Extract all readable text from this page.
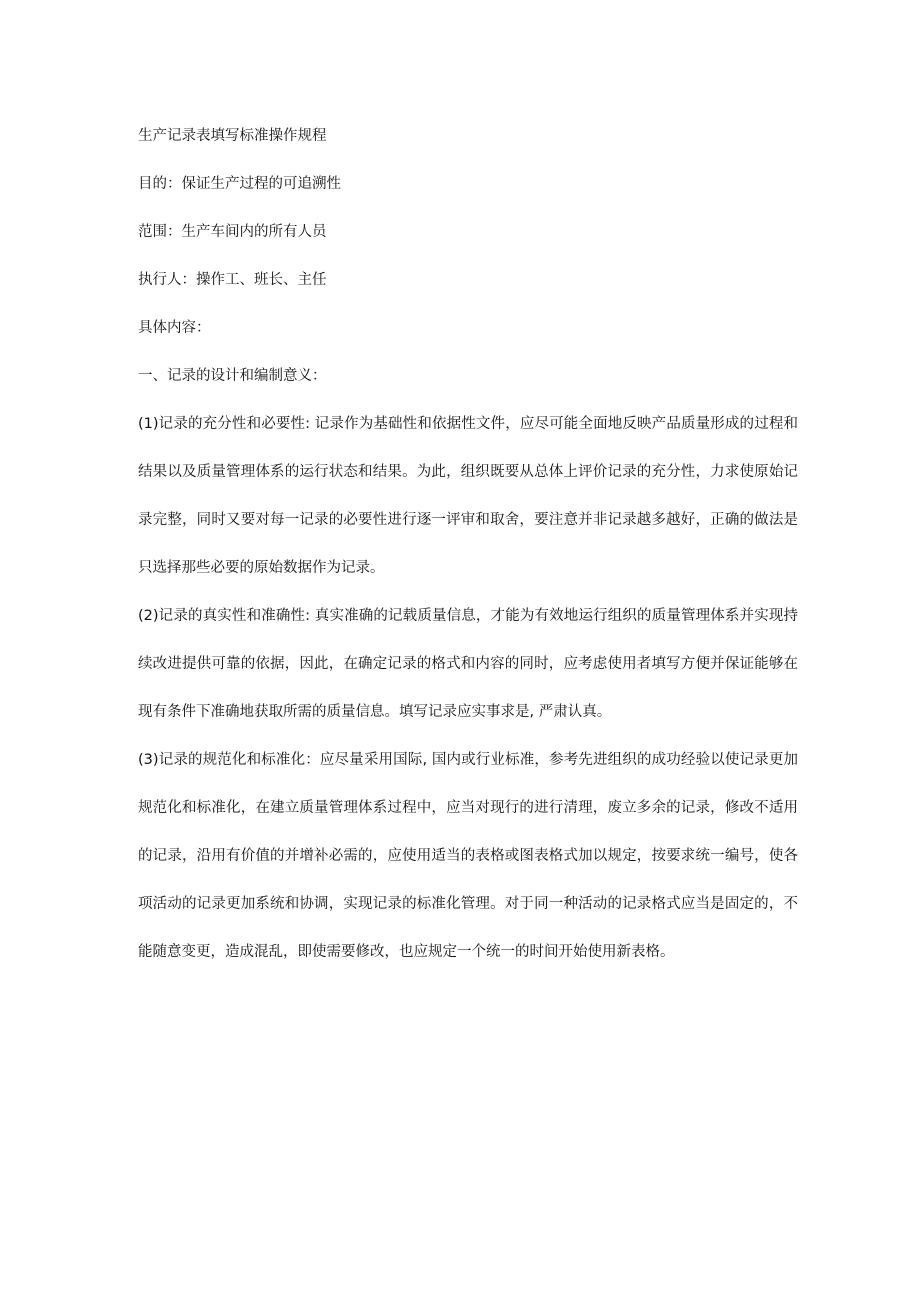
生产记录表填写标准操作规程

目的：保证生产过程的可追溯性

范围：生产车间内的所有人员

执行人：操作工、班长、主任

具体内容：

一、记录的设计和编制意义：

(1)记录的充分性和必要性: 记录作为基础性和依据性文件，应尽可能全面地反映产品质量形成的过程和结果以及质量管理体系的运行状态和结果。为此，组织既要从总体上评价记录的充分性，力求使原始记录完整，同时又要对每一记录的必要性进行逐一评审和取舍，要注意并非记录越多越好，正确的做法是只选择那些必要的原始数据作为记录。

(2)记录的真实性和准确性: 真实准确的记载质量信息，才能为有效地运行组织的质量管理体系并实现持续改进提供可靠的依据，因此，在确定记录的格式和内容的同时，应考虑使用者填写方便并保证能够在现有条件下准确地获取所需的质量信息。填写记录应实事求是, 严肃认真。

(3)记录的规范化和标准化：应尽量采用国际, 国内或行业标准，参考先进组织的成功经验以使记录更加规范化和标准化，在建立质量管理体系过程中，应当对现行的进行清理，废立多余的记录，修改不适用的记录，沿用有价值的并增补必需的，应使用适当的表格或图表格式加以规定，按要求统一编号，使各项活动的记录更加系统和协调，实现记录的标准化管理。对于同一种活动的记录格式应当是固定的，不能随意变更，造成混乱，即使需要修改，也应规定一个统一的时间开始使用新表格。
